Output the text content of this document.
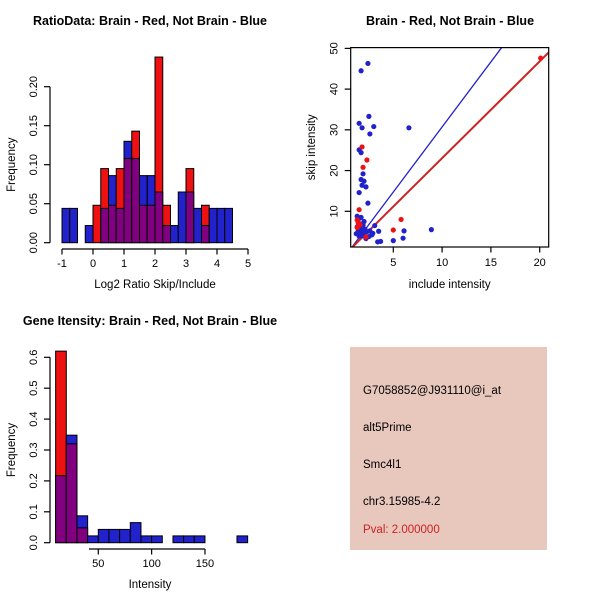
RatioData: Brain - Red, Not Brain - Blue
0.00
0.05
0.10
0.15
0.20
Frequency
-1 0 1 2 3 4 5
Log2 Ratio Skip/Include
Brain - Red, Not Brain - Blue
5	10	15	20
10
20
30
40
50
include intensity
skip intensity
Gene Itensity: Brain - Red, Not Brain - Blue
0.0
0.1
0.2
0.3
0.4
0.5
0.6
Frequency
50	100	150
Intensity
G7058852@J931110@i_at
alt5Prime
Smc4l1
chr3.15985-4.2
Pval: 2.000000
